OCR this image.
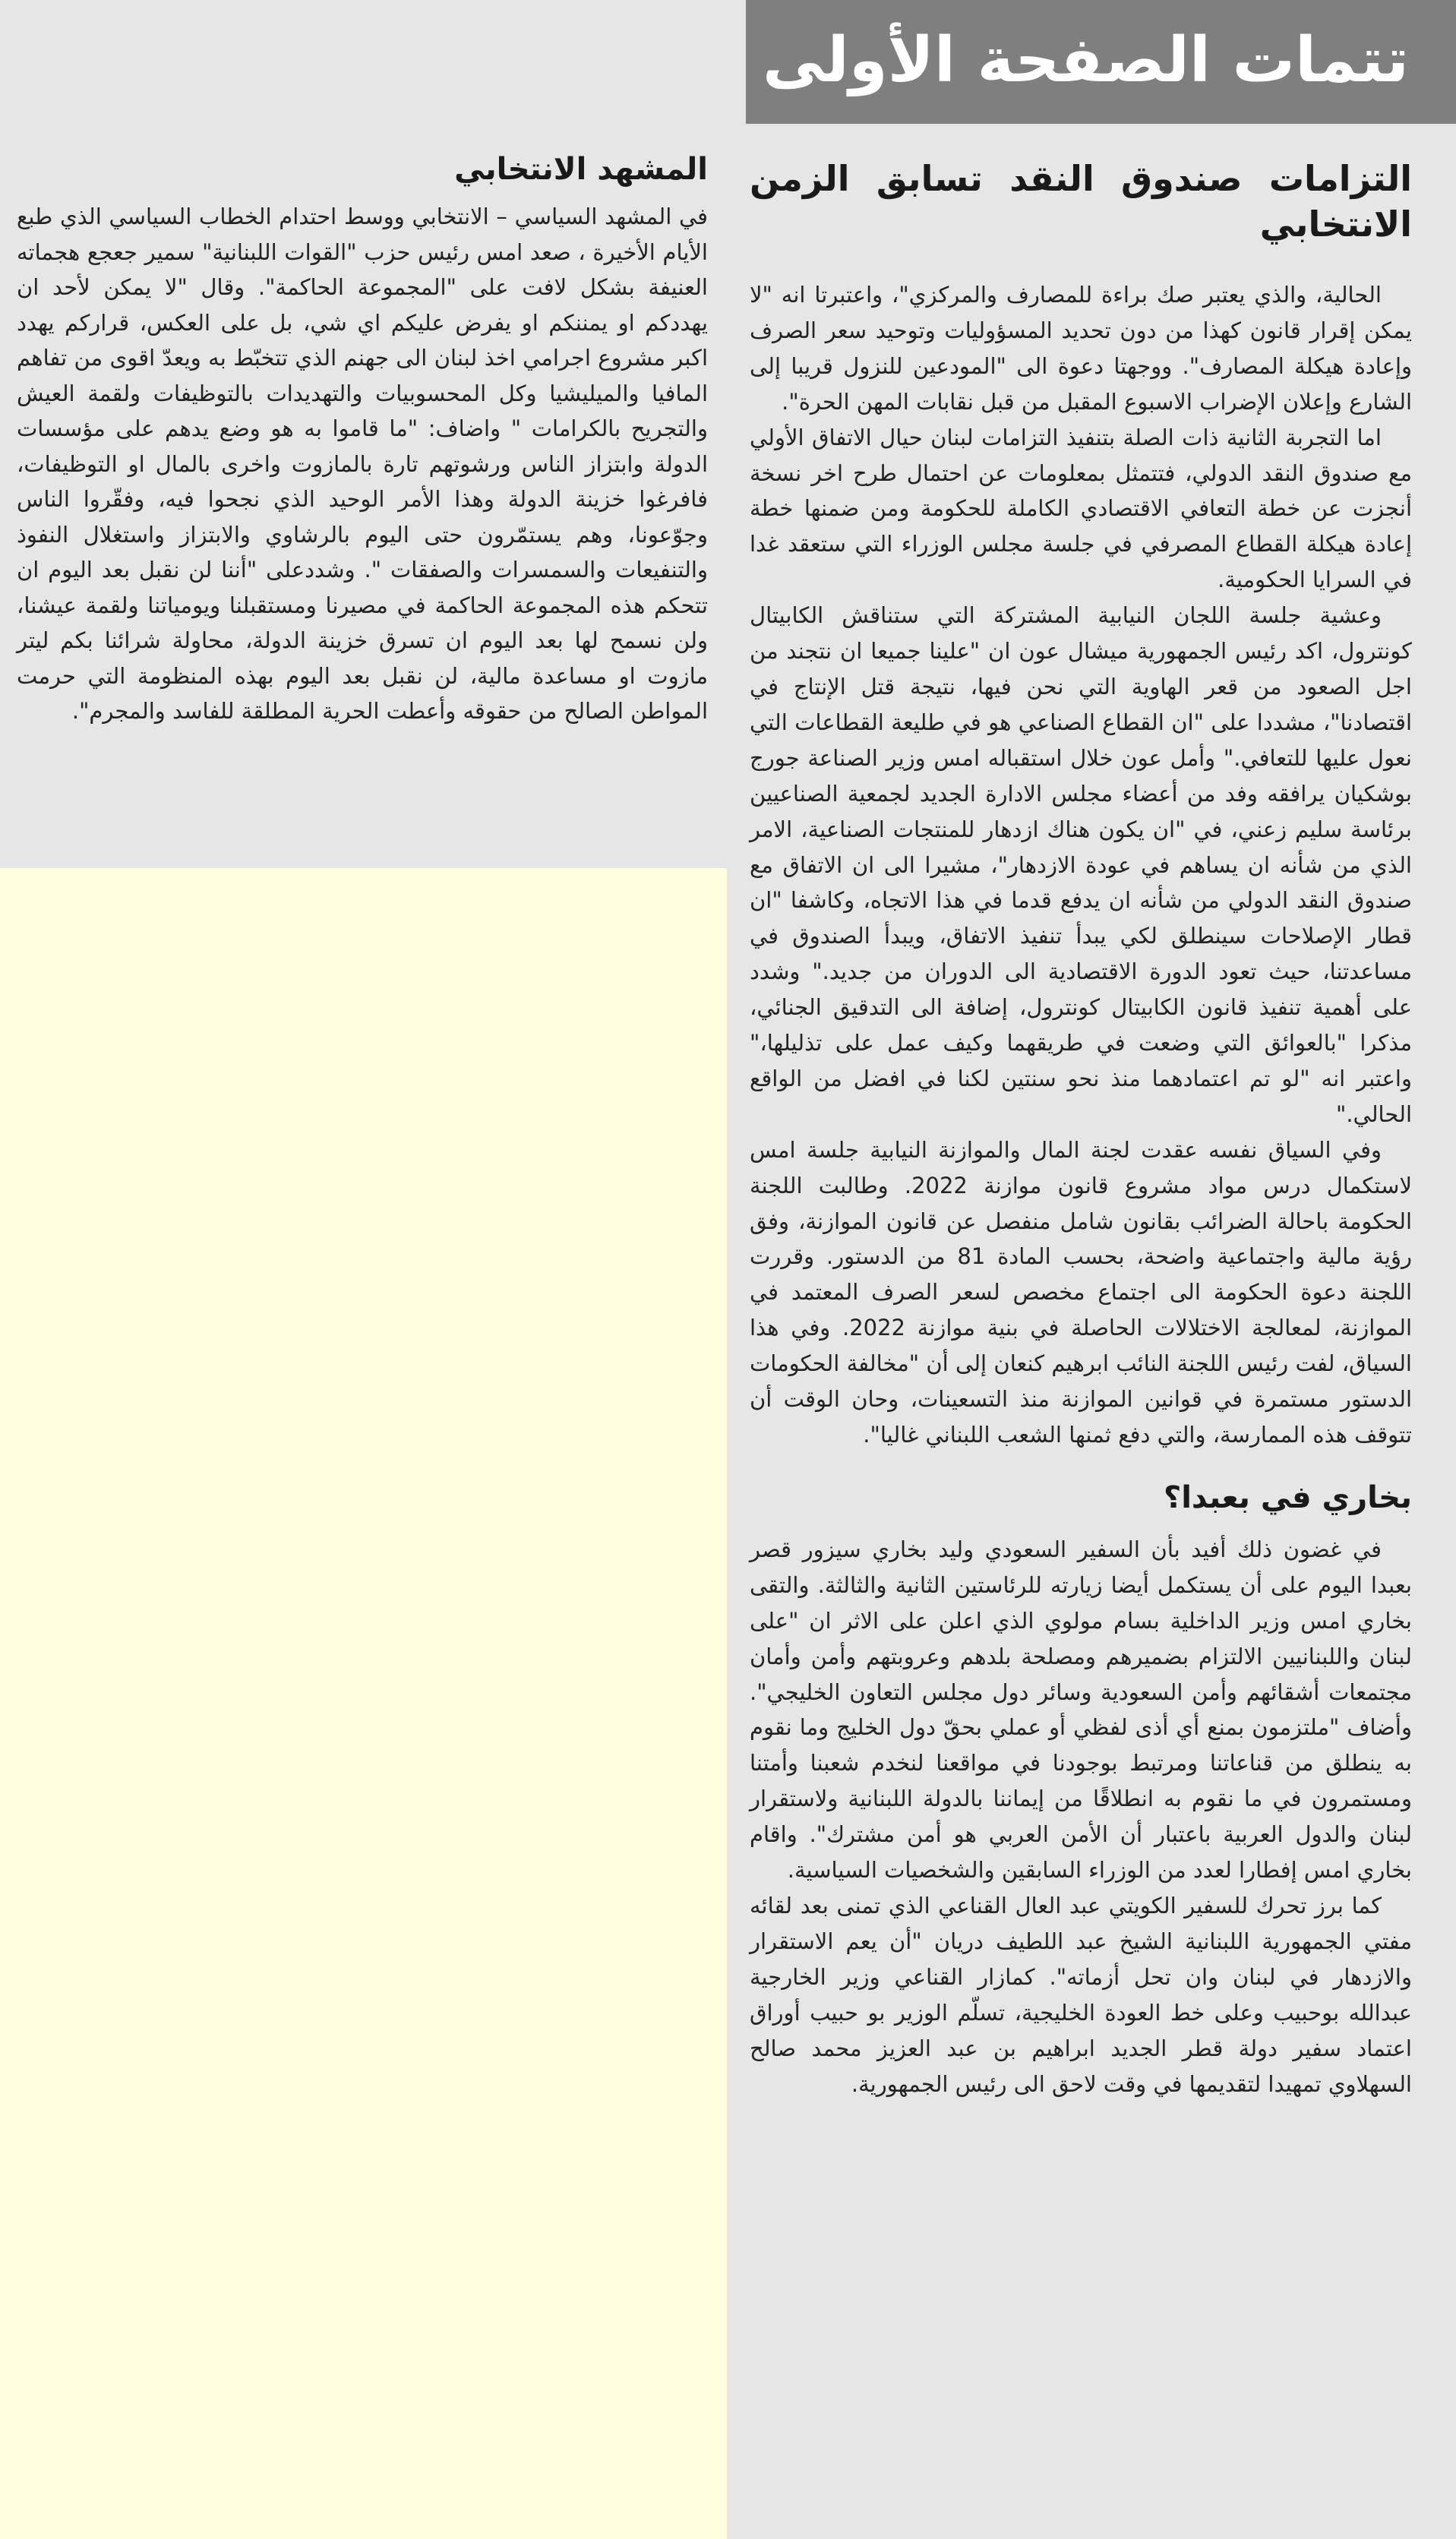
المشهد الانتخابي

في المشهد السياسي – الانتخابي ووسط احتدام الخطاب السياسي الذي طبع الأيام الأخيرة ، صعد امس رئيس حزب "القوات اللبنانية" سمير جعجع هجماته العنيفة بشكل لافت على "المجموعة الحاكمة". وقال "لا يمكن لأحد ان يهددكم او يمننكم او يفرض عليكم اي شي، بل على العكس، قراركم يهدد اكبر مشروع اجرامي اخذ لبنان الى جهنم الذي تتخبّط به ويعدّ اقوى من تفاهم المافيا والميليشيا وكل المحسوبيات والتهديدات بالتوظيفات ولقمة العيش والتجريح بالكرامات " واضاف: "ما قاموا به هو وضع يدهم على مؤسسات الدولة وابتزاز الناس ورشوتهم تارة بالمازوت واخرى بالمال او التوظيفات، فافرغوا خزينة الدولة وهذا الأمر الوحيد الذي نجحوا فيه، وفقّروا الناس وجوّعونا، وهم يستمّرون حتى اليوم بالرشاوي والابتزاز واستغلال النفوذ والتنفيعات والسمسرات والصفقات ". وشددعلى "أننا لن نقبل بعد اليوم ان تتحكم هذه المجموعة الحاكمة في مصيرنا ومستقبلنا ويومياتنا ولقمة عيشنا، ولن نسمح لها بعد اليوم ان تسرق خزينة الدولة، محاولة شرائنا بكم ليتر مازوت او مساعدة مالية، لن نقبل بعد اليوم بهذه المنظومة التي حرمت المواطن الصالح من حقوقه وأعطت الحرية المطلقة للفاسد والمجرم".

تتمات الصفحة الأولى
التزامات صندوق النقد تسابق الزمن الانتخابي

الحالية، والذي يعتبر صك براءة للمصارف والمركزي"، واعتبرتا انه "لا يمكن إقرار قانون كهذا من دون تحديد المسؤوليات وتوحيد سعر الصرف وإعادة هيكلة المصارف". ووجهتا دعوة الى "المودعين للنزول قريبا إلى الشارع وإعلان الإضراب الاسبوع المقبل من قبل نقابات المهن الحرة".

اما التجربة الثانية ذات الصلة بتنفيذ التزامات لبنان حيال الاتفاق الأولي مع صندوق النقد الدولي، فتتمثل بمعلومات عن احتمال طرح اخر نسخة أنجزت عن خطة التعافي الاقتصادي الكاملة للحكومة ومن ضمنها خطة إعادة هيكلة القطاع المصرفي في جلسة مجلس الوزراء التي ستعقد غدا في السرايا الحكومية.

وعشية جلسة اللجان النيابية المشتركة التي ستناقش الكابيتال كونترول، اكد رئيس الجمهورية ميشال عون ان "علينا جميعا ان نتجند من اجل الصعود من قعر الهاوية التي نحن فيها، نتيجة قتل الإنتاج في اقتصادنا"، مشددا على "ان القطاع الصناعي هو في طليعة القطاعات التي نعول عليها للتعافي." وأمل عون خلال استقباله امس وزير الصناعة جورج بوشكيان يرافقه وفد من أعضاء مجلس الادارة الجديد لجمعية الصناعيين برئاسة سليم زعني، في "ان يكون هناك ازدهار للمنتجات الصناعية، الامر الذي من شأنه ان يساهم في عودة الازدهار"، مشيرا الى ان الاتفاق مع صندوق النقد الدولي من شأنه ان يدفع قدما في هذا الاتجاه، وكاشفا "ان قطار الإصلاحات سينطلق لكي يبدأ تنفيذ الاتفاق، ويبدأ الصندوق في مساعدتنا، حيث تعود الدورة الاقتصادية الى الدوران من جديد." وشدد على أهمية تنفيذ قانون الكابيتال كونترول، إضافة الى التدقيق الجنائي، مذكرا "بالعوائق التي وضعت في طريقهما وكيف عمل على تذليلها،" واعتبر انه "لو تم اعتمادهما منذ نحو سنتين لكنا في افضل من الواقع الحالي."

وفي السياق نفسه عقدت لجنة المال والموازنة النيابية جلسة امس لاستكمال درس مواد مشروع قانون موازنة 2022. وطالبت اللجنة الحكومة باحالة الضرائب بقانون شامل منفصل عن قانون الموازنة، وفق رؤية مالية واجتماعية واضحة، بحسب المادة 81 من الدستور. وقررت اللجنة دعوة الحكومة الى اجتماع مخصص لسعر الصرف المعتمد في الموازنة، لمعالجة الاختلالات الحاصلة في بنية موازنة 2022. وفي هذا السياق، لفت رئيس اللجنة النائب ابرهيم كنعان إلى أن "مخالفة الحكومات الدستور مستمرة في قوانين الموازنة منذ التسعينات، وحان الوقت أن تتوقف هذه الممارسة، والتي دفع ثمنها الشعب اللبناني غاليا".

بخاري في بعبدا؟

في غضون ذلك أفيد بأن السفير السعودي وليد بخاري سيزور قصر بعبدا اليوم على أن يستكمل أيضا زيارته للرئاستين الثانية والثالثة. والتقى بخاري امس وزير الداخلية بسام مولوي الذي اعلن على الاثر ان "على لبنان واللبنانيين الالتزام بضميرهم ومصلحة بلدهم وعروبتهم وأمن وأمان مجتمعات أشقائهم وأمن السعودية وسائر دول مجلس التعاون الخليجي". وأضاف "ملتزمون بمنع أي أذى لفظي أو عملي بحقّ دول الخليج وما نقوم به ينطلق من قناعاتنا ومرتبط بوجودنا في مواقعنا لنخدم شعبنا وأمتنا ومستمرون في ما نقوم به انطلاقًا من إيماننا بالدولة اللبنانية ولاستقرار لبنان والدول العربية باعتبار أن الأمن العربي هو أمن مشترك". واقام بخاري امس إفطارا لعدد من الوزراء السابقين والشخصيات السياسية.

كما برز تحرك للسفير الكويتي عبد العال القناعي الذي تمنى بعد لقائه مفتي الجمهورية اللبنانية الشيخ عبد اللطيف دريان "أن يعم الاستقرار والازدهار في لبنان وان تحل أزماته". كمازار القناعي وزير الخارجية عبدالله بوحبيب وعلى خط العودة الخليجية، تسلّم الوزير بو حبيب أوراق اعتماد سفير دولة قطر الجديد ابراهيم بن عبد العزيز محمد صالح السهلاوي تمهيدا لتقديمها في وقت لاحق الى رئيس الجمهورية.
